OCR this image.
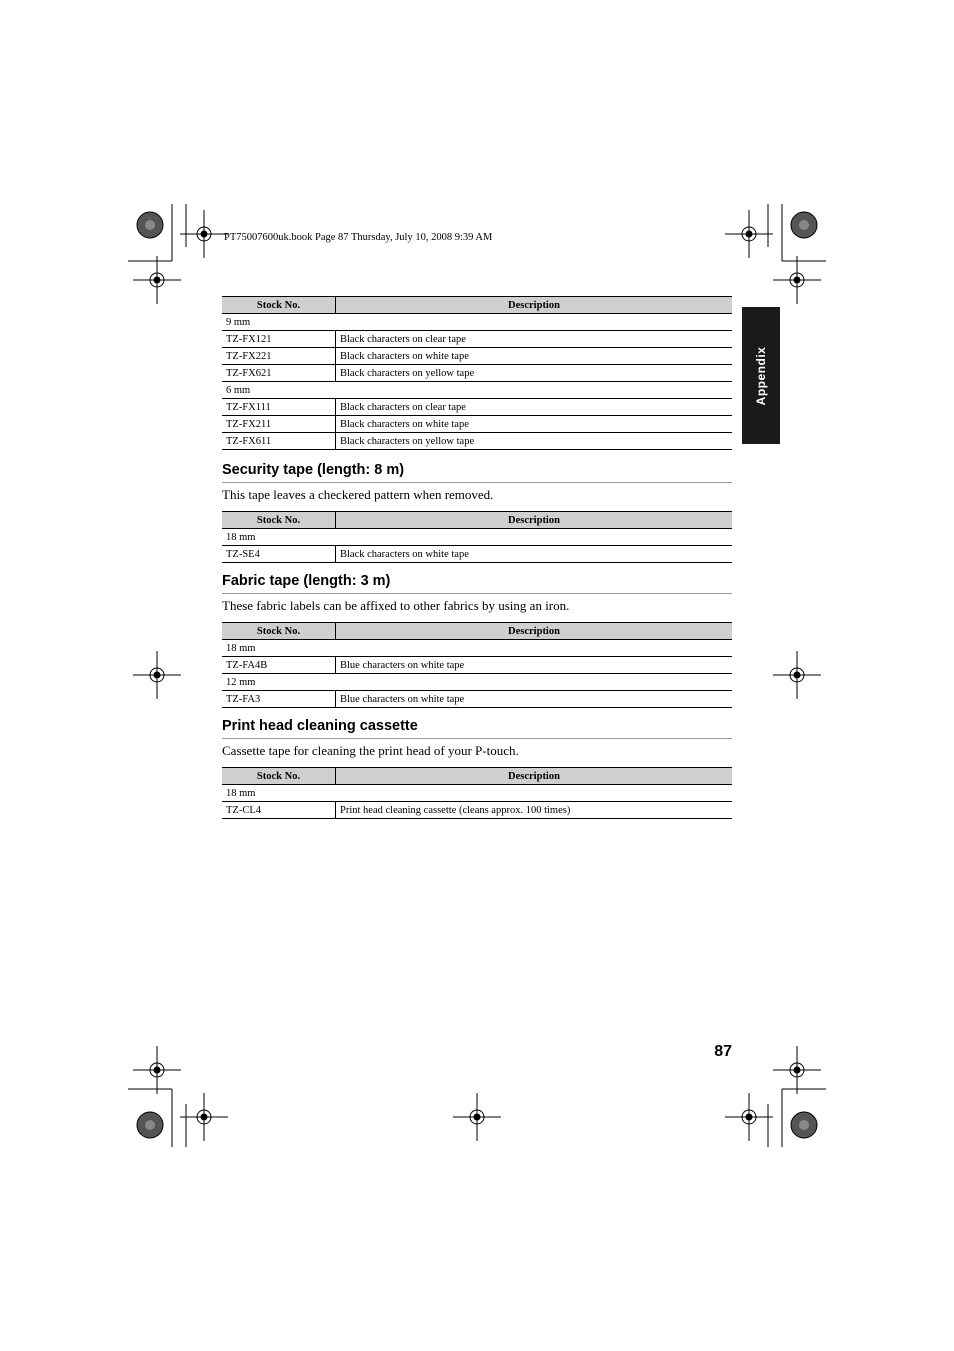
PT75007600uk.book Page 87 Thursday, July 10, 2008 9:39 AM
Appendix
Stock No.	Description
9 mm	
TZ-FX121	Black characters on clear tape
TZ-FX221	Black characters on white tape
TZ-FX621	Black characters on yellow tape
6 mm	
TZ-FX111	Black characters on clear tape
TZ-FX211	Black characters on white tape
TZ-FX611	Black characters on yellow tape
Security tape (length: 8 m)

This tape leaves a checkered pattern when removed.

Stock No.	Description
18 mm	
TZ-SE4	Black characters on white tape
Fabric tape (length: 3 m)

These fabric labels can be affixed to other fabrics by using an iron.

Stock No.	Description
18 mm	
TZ-FA4B	Blue characters on white tape
12 mm	
TZ-FA3	Blue characters on white tape
Print head cleaning cassette

Cassette tape for cleaning the print head of your P-touch.

Stock No.	Description
18 mm	
TZ-CL4	Print head cleaning cassette (cleans approx. 100 times)
87
